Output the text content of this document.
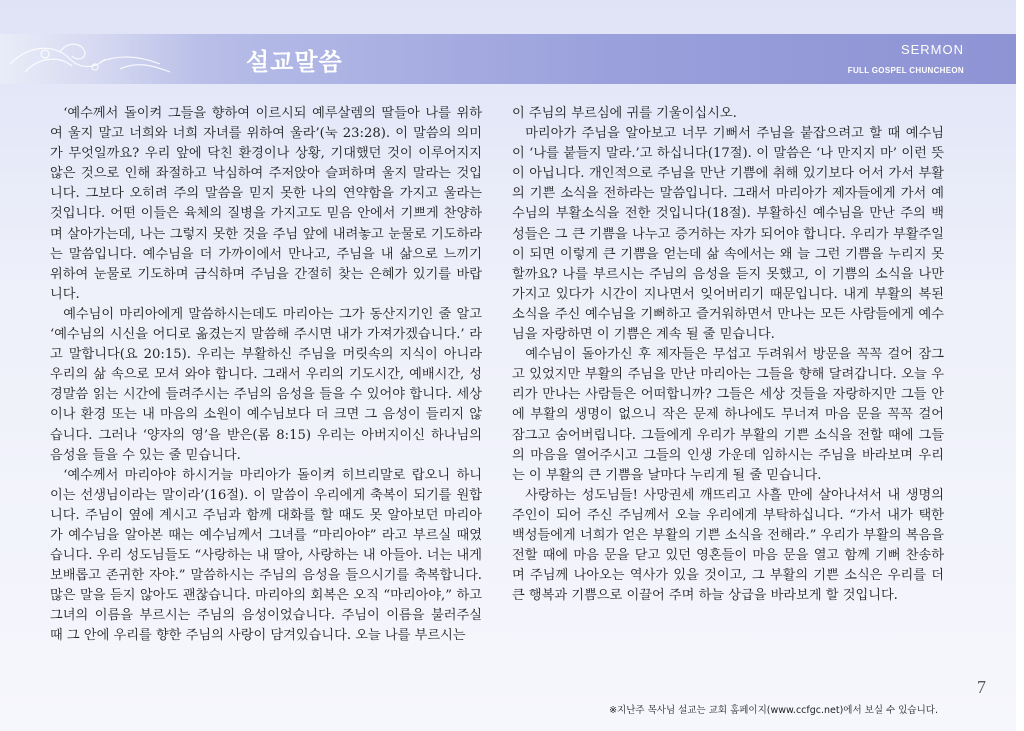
설교말씀	SERMON
FULL GOSPEL CHUNCHEON

‘예수께서 돌이켜 그들을 향하여 이르시되 예루살렘의 딸들아 나를 위하여 울지 말고 너희와 너희 자녀를 위하여 울라’(눅 23:28). 이 말씀의 의미가 무엇일까요? 우리 앞에 닥친 환경이나 상황, 기대했던 것이 이루어지지 않은 것으로 인해 좌절하고 낙심하여 주저앉아 슬퍼하며 울지 말라는 것입니다. 그보다 오히려 주의 말씀을 믿지 못한 나의 연약함을 가지고 울라는 것입니다. 어떤 이들은 육체의 질병을 가지고도 믿음 안에서 기쁘게 찬양하며 살아가는데, 나는 그렇지 못한 것을 주님 앞에 내려놓고 눈물로 기도하라는 말씀입니다. 예수님을 더 가까이에서 만나고, 주님을 내 삶으로 느끼기 위하여 눈물로 기도하며 금식하며 주님을 간절히 찾는 은혜가 있기를 바랍니다.

예수님이 마리아에게 말씀하시는데도 마리아는 그가 동산지기인 줄 알고 ‘예수님의 시신을 어디로 옮겼는지 말씀해 주시면 내가 가져가겠습니다.’ 라고 말합니다(요 20:15). 우리는 부활하신 주님을 머릿속의 지식이 아니라 우리의 삶 속으로 모셔 와야 합니다. 그래서 우리의 기도시간, 예배시간, 성경말씀 읽는 시간에 들려주시는 주님의 음성을 들을 수 있어야 합니다. 세상이나 환경 또는 내 마음의 소원이 예수님보다 더 크면 그 음성이 들리지 않습니다. 그러나 ‘양자의 영’을 받은(롬 8:15) 우리는 아버지이신 하나님의 음성을 들을 수 있는 줄 믿습니다.

‘예수께서 마리아야 하시거늘 마리아가 돌이켜 히브리말로 랍오니 하니 이는 선생님이라는 말이라’(16절). 이 말씀이 우리에게 축복이 되기를 원합니다. 주님이 옆에 계시고 주님과 함께 대화를 할 때도 못 알아보던 마리아가 예수님을 알아본 때는 예수님께서 그녀를 “마리아야” 라고 부르실 때였습니다. 우리 성도님들도 “사랑하는 내 딸아, 사랑하는 내 아들아. 너는 내게 보배롭고 존귀한 자야.” 말씀하시는 주님의 음성을 들으시기를 축복합니다. 많은 말을 듣지 않아도 괜찮습니다. 마리아의 회복은 오직 “마리아야,” 하고 그녀의 이름을 부르시는 주님의 음성이었습니다. 주님이 이름을 불러주실 때 그 안에 우리를 향한 주님의 사랑이 담겨있습니다. 오늘 나를 부르시는

이 주님의 부르심에 귀를 기울이십시오.

마리아가 주님을 알아보고 너무 기뻐서 주님을 붙잡으려고 할 때 예수님이 ‘나를 붙들지 말라.’고 하십니다(17절). 이 말씀은 ‘나 만지지 마’ 이런 뜻이 아닙니다. 개인적으로 주님을 만난 기쁨에 취해 있기보다 어서 가서 부활의 기쁜 소식을 전하라는 말씀입니다. 그래서 마리아가 제자들에게 가서 예수님의 부활소식을 전한 것입니다(18절). 부활하신 예수님을 만난 주의 백성들은 그 큰 기쁨을 나누고 증거하는 자가 되어야 합니다. 우리가 부활주일이 되면 이렇게 큰 기쁨을 얻는데 삶 속에서는 왜 늘 그런 기쁨을 누리지 못할까요? 나를 부르시는 주님의 음성을 듣지 못했고, 이 기쁨의 소식을 나만 가지고 있다가 시간이 지나면서 잊어버리기 때문입니다. 내게 부활의 복된 소식을 주신 예수님을 기뻐하고 즐거워하면서 만나는 모든 사람들에게 예수님을 자랑하면 이 기쁨은 계속 될 줄 믿습니다.

예수님이 돌아가신 후 제자들은 무섭고 두려워서 방문을 꼭꼭 걸어 잠그고 있었지만 부활의 주님을 만난 마리아는 그들을 향해 달려갑니다. 오늘 우리가 만나는 사람들은 어떠합니까? 그들은 세상 것들을 자랑하지만 그들 안에 부활의 생명이 없으니 작은 문제 하나에도 무너져 마음 문을 꼭꼭 걸어 잠그고 숨어버립니다. 그들에게 우리가 부활의 기쁜 소식을 전할 때에 그들의 마음을 열어주시고 그들의 인생 가운데 임하시는 주님을 바라보며 우리는 이 부활의 큰 기쁨을 날마다 누리게 될 줄 믿습니다.

사랑하는 성도님들! 사망권세 깨뜨리고 사흘 만에 살아나셔서 내 생명의 주인이 되어 주신 주님께서 오늘 우리에게 부탁하십니다. “가서 내가 택한 백성들에게 너희가 얻은 부활의 기쁜 소식을 전해라.” 우리가 부활의 복음을 전할 때에 마음 문을 닫고 있던 영혼들이 마음 문을 열고 함께 기뻐 찬송하며 주님께 나아오는 역사가 있을 것이고, 그 부활의 기쁜 소식은 우리를 더 큰 행복과 기쁨으로 이끌어 주며 하늘 상급을 바라보게 할 것입니다.

7
※지난주 목사님 설교는 교회 홈페이지(www.ccfgc.net)에서 보실 수 있습니다.
